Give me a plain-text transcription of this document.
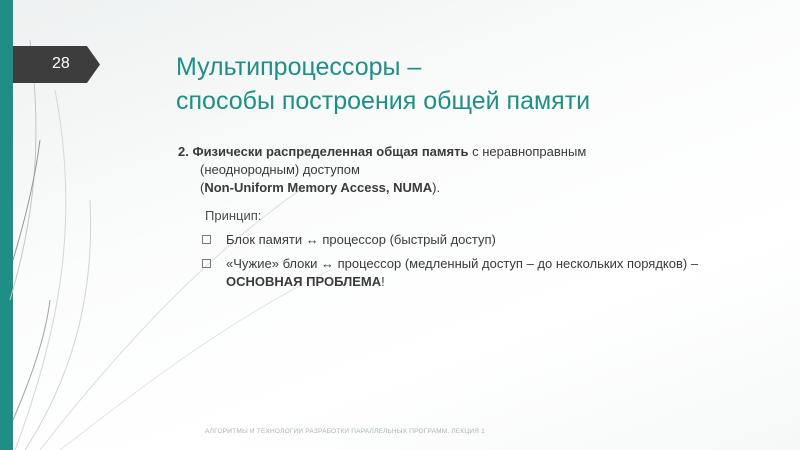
28	Мультипроцессоры –
способы построения общей памяти
2. Физически распределенная общая память с неравноправным
(неоднородным) доступом
(Non-Uniform Memory Access, NUMA).
Принцип:
Блок памяти ↔ процессор (быстрый доступ)
«Чужие» блоки ↔ процессор (медленный доступ – до нескольких порядков) –
ОСНОВНАЯ ПРОБЛЕМА!
АЛГОРИТМЫ И ТЕХНОЛОГИИ РАЗРАБОТКИ ПАРАЛЛЕЛЬНЫХ ПРОГРАММ. ЛЕКЦИЯ 1
